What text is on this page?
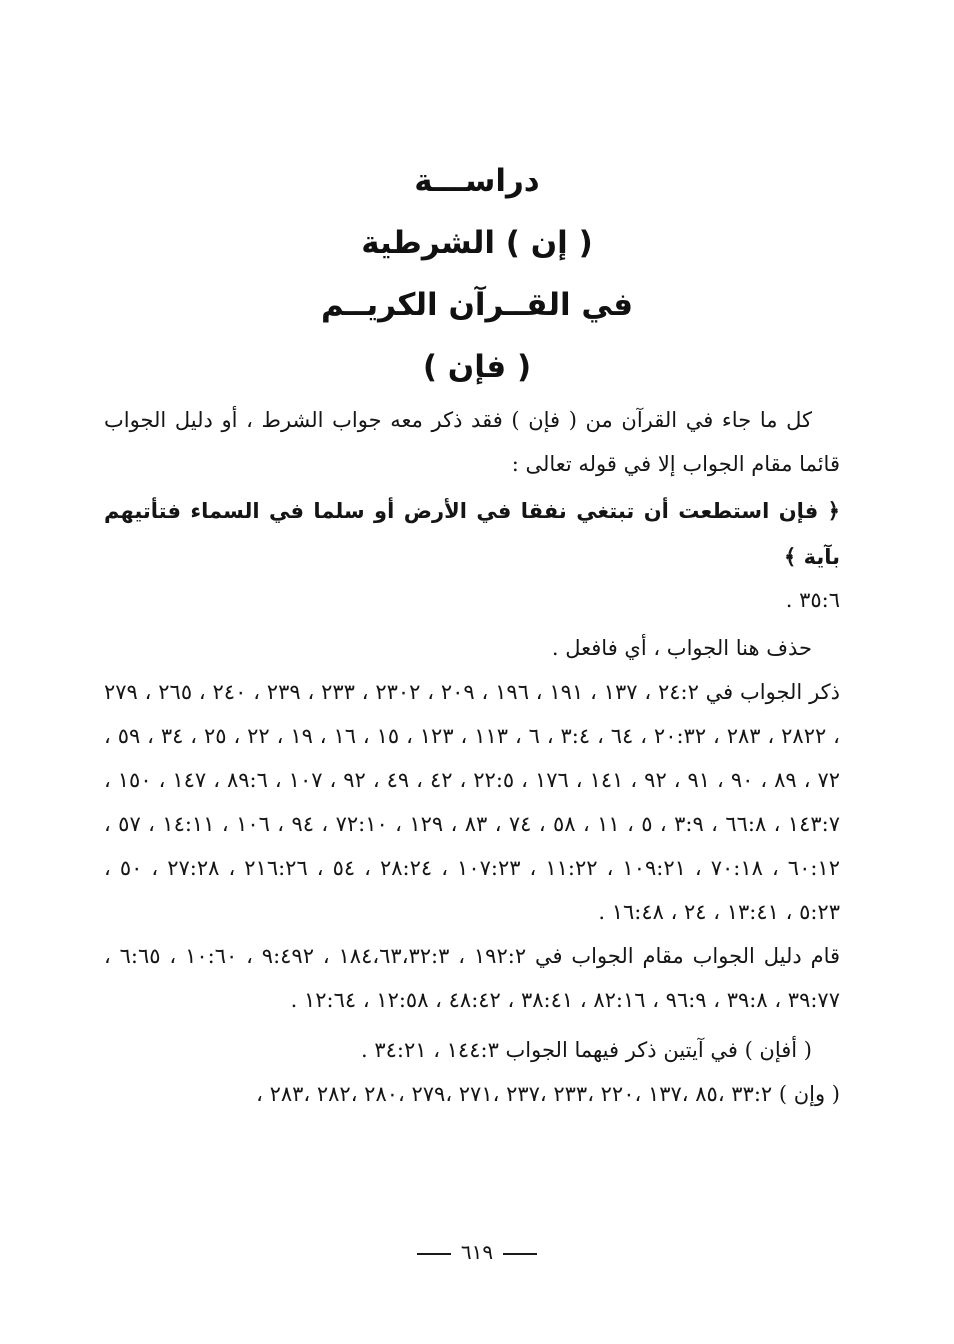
دراســـة
( إن ) الشرطية
في القــرآن الكريــم
( فإن )

كل ما جاء في القرآن من ( فإن ) فقد ذكر معه جواب الشرط ، أو دليل الجواب قائما مقام الجواب إلا في قوله تعالى :

﴿ فإن استطعت أن تبتغي نفقا في الأرض أو سلما في السماء فتأتيهم بآية ﴾

٣٥:٦ .

حذف هنا الجواب ، أي فافعل .

ذكر الجواب في ٢٤:٢ ، ١٣٧ ، ١٩١ ، ١٩٦ ، ٢٠٩ ، ٢٣٠٢ ، ٢٣٣ ، ٢٣٩ ، ٢٤٠ ، ٢٦٥ ، ٢٧٩ ، ٢٨٢٢ ، ٢٨٣ ، ٢٠:٣٢ ، ٦٤ ، ٣:٤ ، ٦ ، ١١٣ ، ١٢٣ ، ١٥ ، ١٦ ، ١٩ ، ٢٢ ، ٢٥ ، ٣٤ ، ٥٩ ، ٧٢ ، ٨٩ ، ٩٠ ، ٩١ ، ٩٢ ، ١٤١ ، ١٧٦ ، ٢٢:٥ ، ٤٢ ، ٤٩ ، ٩٢ ، ١٠٧ ، ٨٩:٦ ، ١٤٧ ، ١٥٠ ، ١٤٣:٧ ، ٦٦:٨ ، ٣:٩ ، ٥ ، ١١ ، ٥٨ ، ٧٤ ، ٨٣ ، ١٢٩ ، ٧٢:١٠ ، ٩٤ ، ١٠٦ ، ١٤:١١ ، ٥٧ ، ٦٠:١٢ ، ٧٠:١٨ ، ١٠٩:٢١ ، ١١:٢٢ ، ١٠٧:٢٣ ، ٢٨:٢٤ ، ٥٤ ، ٢١٦:٢٦ ، ٢٧:٢٨ ، ٥٠ ، ٥:٢٣ ، ١٣:٤١ ، ٢٤ ، ١٦:٤٨ .

قام دليل الجواب مقام الجواب في ١٩٢:٢ ، ١٨٤،٦٣،٣٢:٣ ، ٩:٤٩٢ ، ١٠:٦٠ ، ٦:٦٥ ، ٣٩:٧٧ ، ٣٩:٨ ، ٩٦:٩ ، ٨٢:١٦ ، ٣٨:٤١ ، ٤٨:٤٢ ، ١٢:٥٨ ، ١٢:٦٤ .

( أفإن ) في آيتين ذكر فيهما الجواب ١٤٤:٣ ، ٣٤:٢١ .

( وإن ) ٣٣:٢ ،٨٥ ،١٣٧ ،٢٢٠ ،٢٣٣ ،٢٣٧ ،٢٧١ ،٢٧٩ ،٢٨٠ ،٢٨٢ ،٢٨٣ ،

٦١٩
